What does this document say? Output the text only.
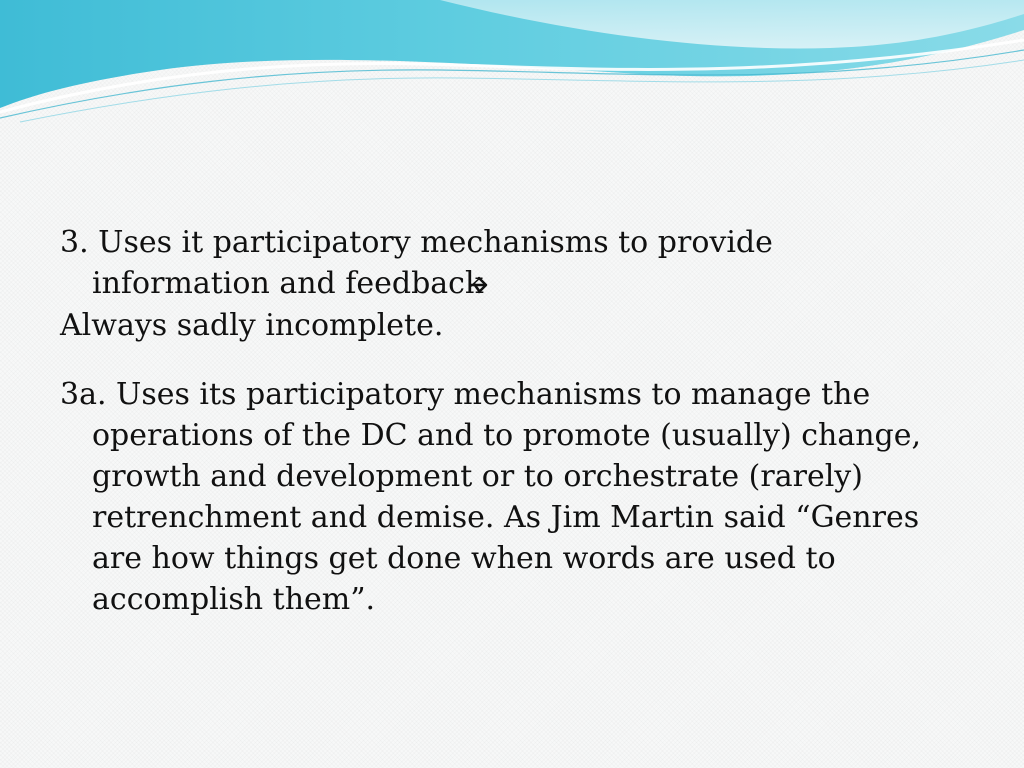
3. Uses it participatory mechanisms to provide information and feedback

Always sadly incomplete.

3a. Uses its participatory mechanisms to manage the operations of the DC and to promote (usually) change, growth and development or to orchestrate (rarely) retrenchment and demise. As Jim Martin said “Genres are how things get done when words are used to accomplish them”.
